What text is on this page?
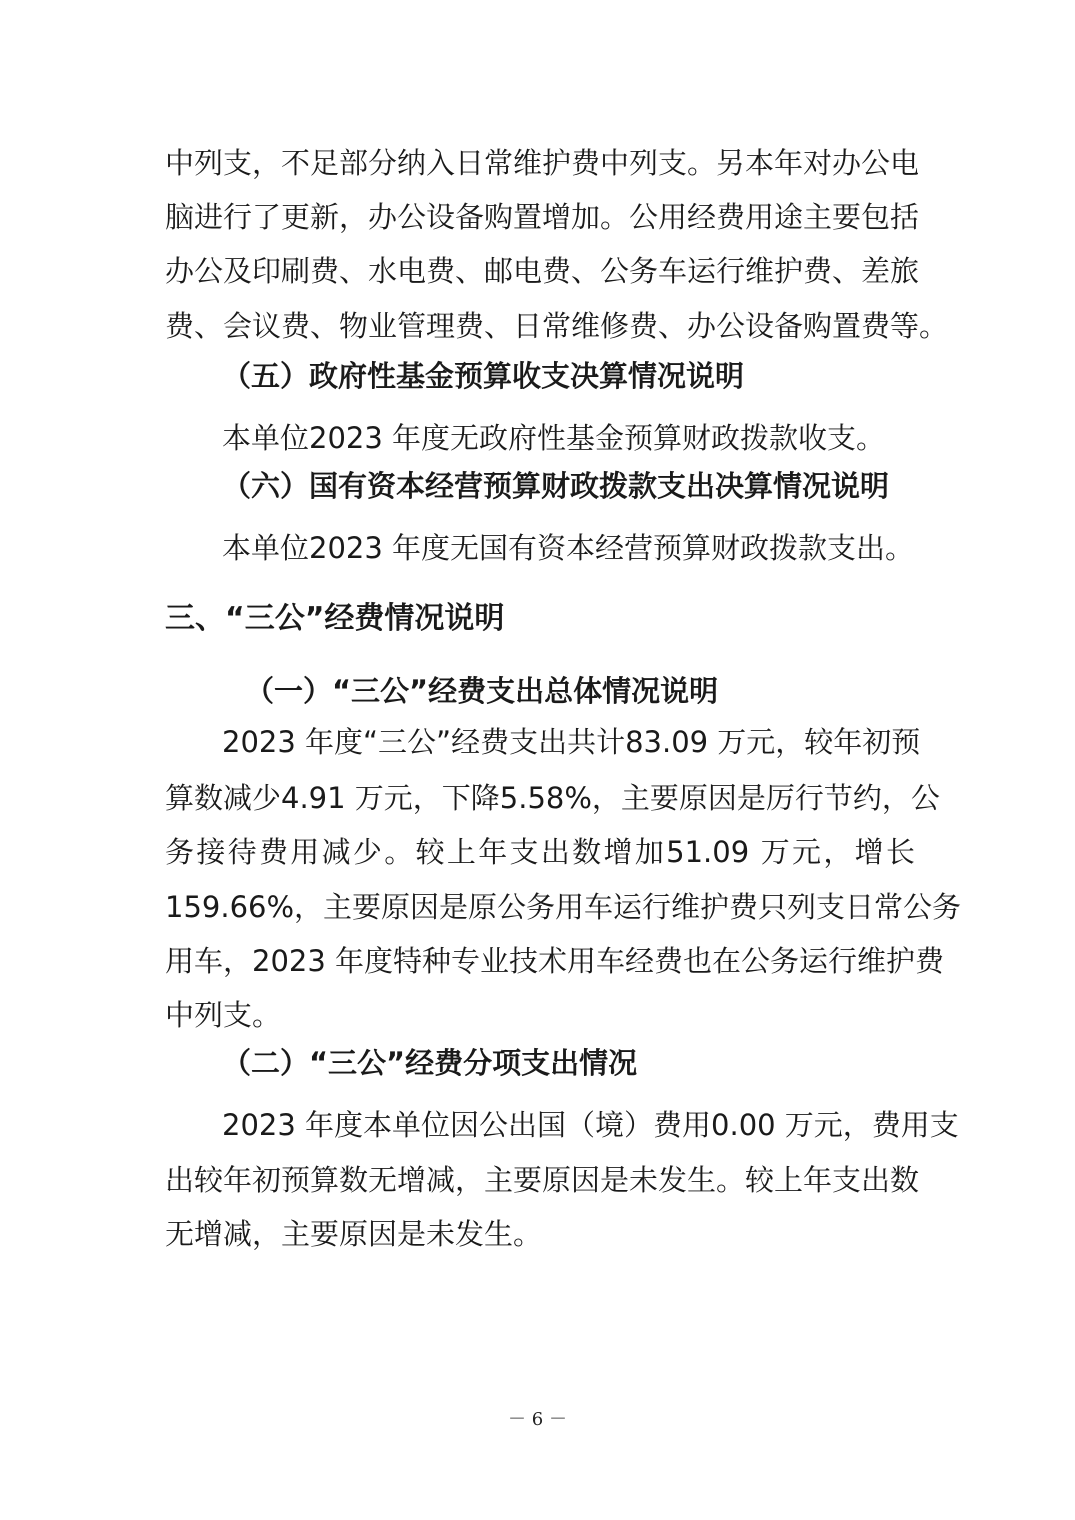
中列支，不足部分纳入日常维护费中列支。另本年对办公电
脑进行了更新，办公设备购置增加。公用经费用途主要包括
办公及印刷费、水电费、邮电费、公务车运行维护费、差旅
费、会议费、物业管理费、日常维修费、办公设备购置费等。
（五）政府性基金预算收支决算情况说明
本单位2023 年度无政府性基金预算财政拨款收支。
（六）国有资本经营预算财政拨款支出决算情况说明
本单位2023 年度无国有资本经营预算财政拨款支出。
三、“三公”经费情况说明
（一）“三公”经费支出总体情况说明
2023 年度“三公”经费支出共计83.09 万元，较年初预
算数减少4.91 万元，下降5.58%，主要原因是厉行节约，公
务接待费用减少。较上年支出数增加51.09 万元，增长
159.66%，主要原因是原公务用车运行维护费只列支日常公务
用车，2023 年度特种专业技术用车经费也在公务运行维护费
中列支。
（二）“三公”经费分项支出情况
2023 年度本单位因公出国（境）费用0.00 万元，费用支
出较年初预算数无增减，主要原因是未发生。较上年支出数
无增减，主要原因是未发生。
－ 6 －
